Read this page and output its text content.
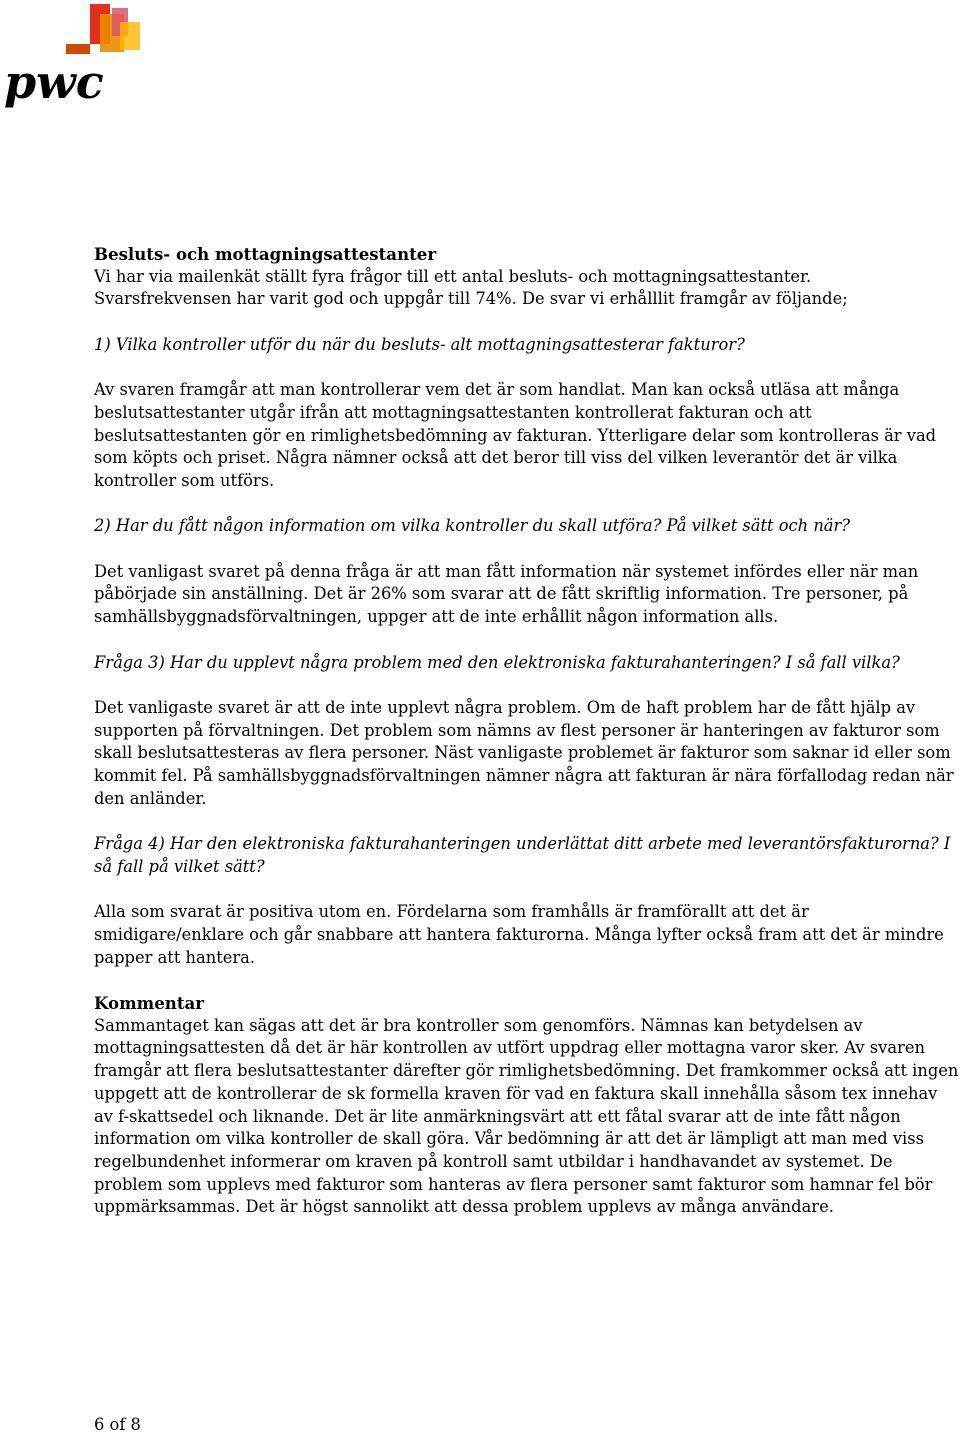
pwc

Besluts- och mottagningsattestanter

Vi har via mailenkät ställt fyra frågor till ett antal besluts- och mottagningsattestanter.

Svarsfrekvensen har varit god och uppgår till 74%. De svar vi erhålllit framgår av följande;

1) Vilka kontroller utför du när du besluts- alt mottagningsattesterar fakturor?

Av svaren framgår att man kontrollerar vem det är som handlat. Man kan också utläsa att många beslutsattestanter utgår ifrån att mottagningsattestanten kontrollerat fakturan och att beslutsattestanten gör en rimlighetsbedömning av fakturan. Ytterligare delar som kontrolleras är vad som köpts och priset. Några nämner också att det beror till viss del vilken leverantör det är vilka kontroller som utförs.

2) Har du fått någon information om vilka kontroller du skall utföra? På vilket sätt och när?

Det vanligast svaret på denna fråga är att man fått information när systemet infördes eller när man påbörjade sin anställning. Det är 26% som svarar att de fått skriftlig information. Tre personer, på samhällsbyggnadsförvaltningen, uppger att de inte erhållit någon information alls.

Fråga 3) Har du upplevt några problem med den elektroniska fakturahanteringen? I så fall vilka?

Det vanligaste svaret är att de inte upplevt några problem. Om de haft problem har de fått hjälp av supporten på förvaltningen. Det problem som nämns av flest personer är hanteringen av fakturor som skall beslutsattesteras av flera personer. Näst vanligaste problemet är fakturor som saknar id eller som kommit fel. På samhällsbyggnadsförvaltningen nämner några att fakturan är nära förfallodag redan när den anländer.

Fråga 4) Har den elektroniska fakturahanteringen underlättat ditt arbete med leverantörsfakturorna? I så fall på vilket sätt?

Alla som svarat är positiva utom en. Fördelarna som framhålls är framförallt att det är smidigare/enklare och går snabbare att hantera fakturorna. Många lyfter också fram att det är mindre papper att hantera.

Kommentar

Sammantaget kan sägas att det är bra kontroller som genomförs. Nämnas kan betydelsen av mottagningsattesten då det är här kontrollen av utfört uppdrag eller mottagna varor sker. Av svaren framgår att flera beslutsattestanter därefter gör rimlighetsbedömning. Det framkommer också att ingen uppgett att de kontrollerar de sk formella kraven för vad en faktura skall innehålla såsom tex innehav av f-skattsedel och liknande. Det är lite anmärkningsvärt att ett fåtal svarar att de inte fått någon information om vilka kontroller de skall göra. Vår bedömning är att det är lämpligt att man med viss regelbundenhet informerar om kraven på kontroll samt utbildar i handhavandet av systemet. De problem som upplevs med fakturor som hanteras av flera personer samt fakturor som hamnar fel bör uppmärksammas. Det är högst sannolikt att dessa problem upplevs av många användare.

6 of 8
